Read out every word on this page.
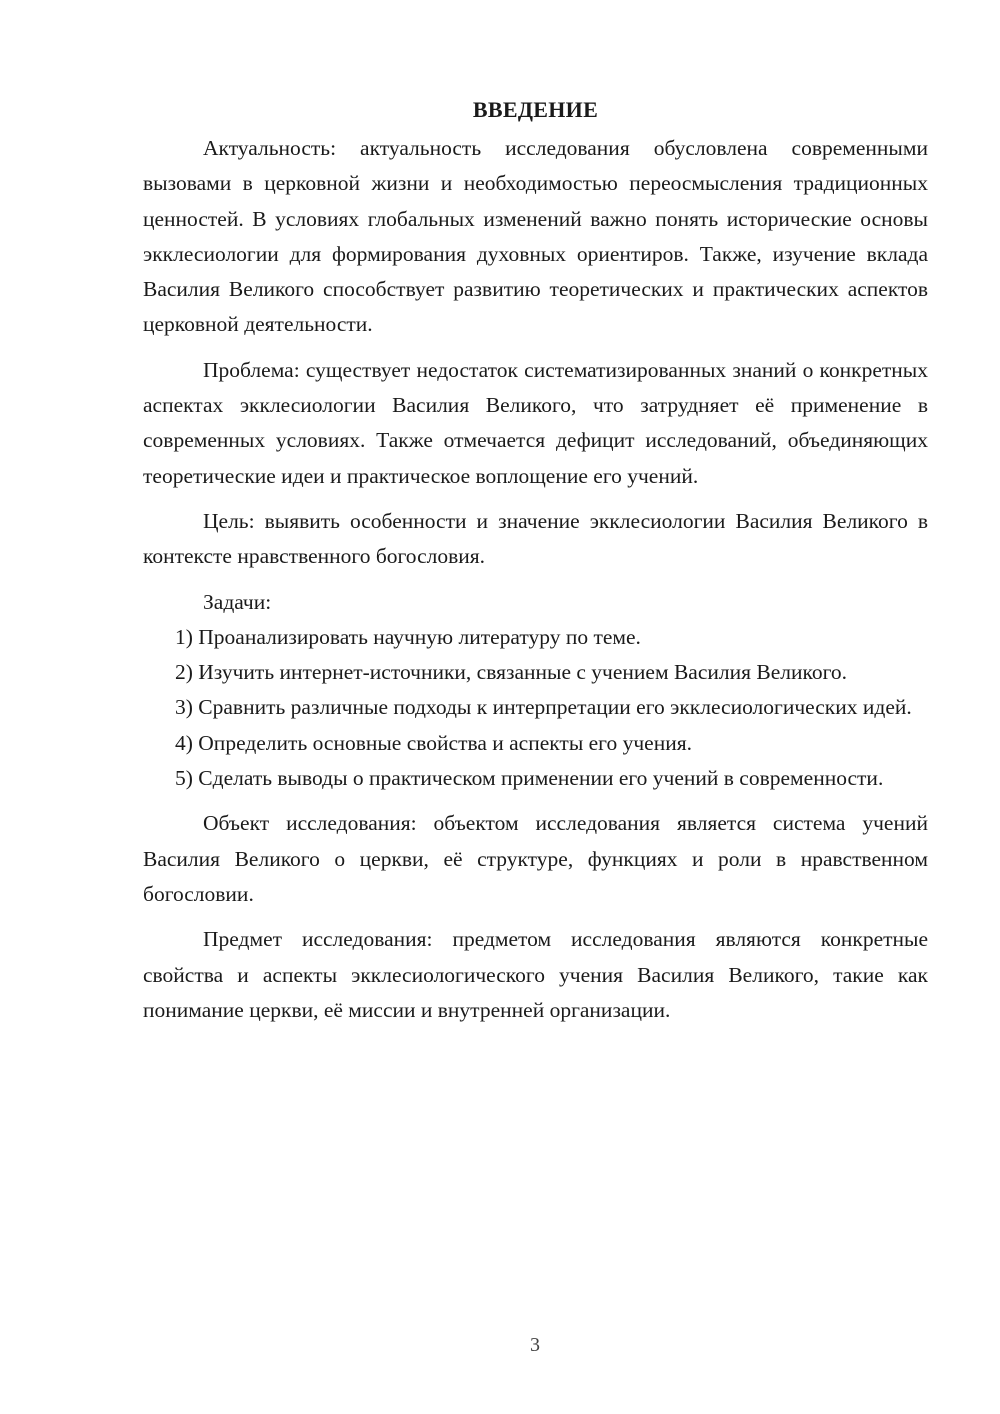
ВВЕДЕНИЕ

Актуальность: актуальность исследования обусловлена современными вызовами в церковной жизни и необходимостью переосмысления традиционных ценностей. В условиях глобальных изменений важно понять исторические основы экклесиологии для формирования духовных ориентиров. Также, изучение вклада Василия Великого способствует развитию теоретических и практических аспектов церковной деятельности.

Проблема: существует недостаток систематизированных знаний о конкретных аспектах экклесиологии Василия Великого, что затрудняет её применение в современных условиях. Также отмечается дефицит исследований, объединяющих теоретические идеи и практическое воплощение его учений.

Цель: выявить особенности и значение экклесиологии Василия Великого в контексте нравственного богословия.

Задачи:

1) Проанализировать научную литературу по теме.

2) Изучить интернет-источники, связанные с учением Василия Великого.

3) Сравнить различные подходы к интерпретации его экклесиологических идей.

4) Определить основные свойства и аспекты его учения.

5) Сделать выводы о практическом применении его учений в современности.

Объект исследования: объектом исследования является система учений Василия Великого о церкви, её структуре, функциях и роли в нравственном богословии.

Предмет исследования: предметом исследования являются конкретные свойства и аспекты экклесиологического учения Василия Великого, такие как понимание церкви, её миссии и внутренней организации.

3
